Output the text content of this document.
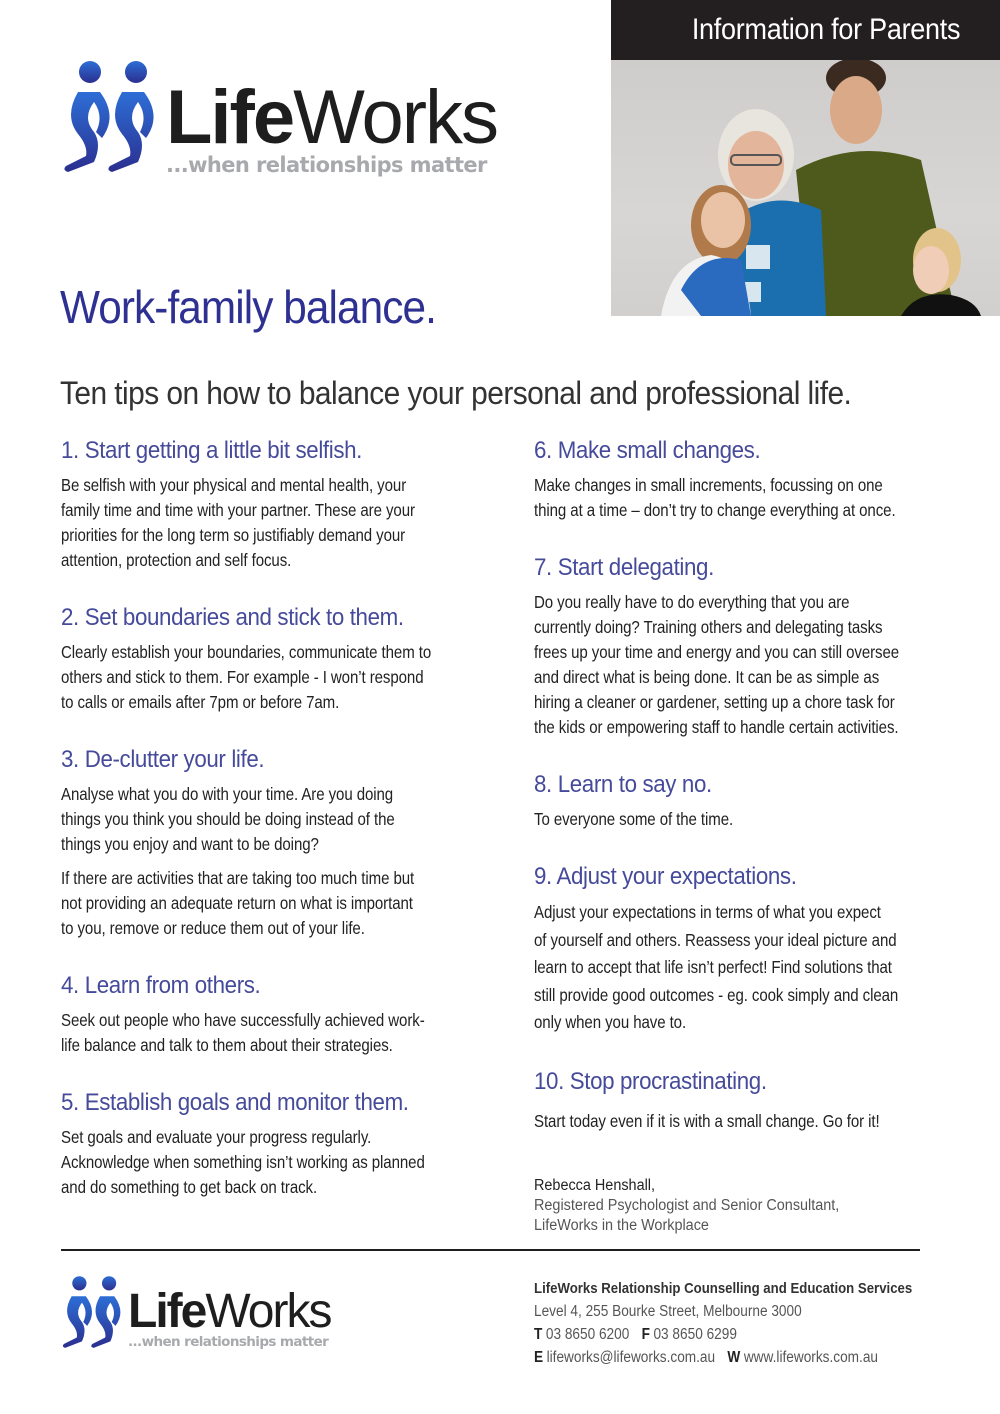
Information for Parents
LifeWorks
...when relationships matter
Work-family balance.
Ten tips on how to balance your personal and professional life.
1. Start getting a little bit selfish.

Be selfish with your physical and mental health, your
family time and time with your partner. These are your
priorities for the long term so justifiably demand your
attention, protection and self focus.

2. Set boundaries and stick to them.

Clearly establish your boundaries, communicate them to
others and stick to them. For example - I won’t respond
to calls or emails after 7pm or before 7am.

3. De-clutter your life.

Analyse what you do with your time. Are you doing
things you think you should be doing instead of the
things you enjoy and want to be doing?

If there are activities that are taking too much time but
not providing an adequate return on what is important
to you, remove or reduce them out of your life.

4. Learn from others.

Seek out people who have successfully achieved work-
life balance and talk to them about their strategies.

5. Establish goals and monitor them.

Set goals and evaluate your progress regularly.
Acknowledge when something isn’t working as planned
and do something to get back on track.

6. Make small changes.

Make changes in small increments, focussing on one
thing at a time – don’t try to change everything at once.

7. Start delegating.

Do you really have to do everything that you are
currently doing? Training others and delegating tasks
frees up your time and energy and you can still oversee
and direct what is being done. It can be as simple as
hiring a cleaner or gardener, setting up a chore task for
the kids or empowering staff to handle certain activities.

8. Learn to say no.

To everyone some of the time.

9. Adjust your expectations.

Adjust your expectations in terms of what you expect
of yourself and others. Reassess your ideal picture and
learn to accept that life isn’t perfect! Find solutions that
still provide good outcomes - eg. cook simply and clean
only when you have to.

10. Stop procrastinating.

Start today even if it is with a small change. Go for it!

Rebecca Henshall,
Registered Psychologist and Senior Consultant,
LifeWorks in the Workplace
LifeWorks
...when relationships matter
LifeWorks Relationship Counselling and Education Services
Level 4, 255 Bourke Street, Melbourne 3000
T 03 8650 6200 F 03 8650 6299
E lifeworks@lifeworks.com.au W www.lifeworks.com.au
